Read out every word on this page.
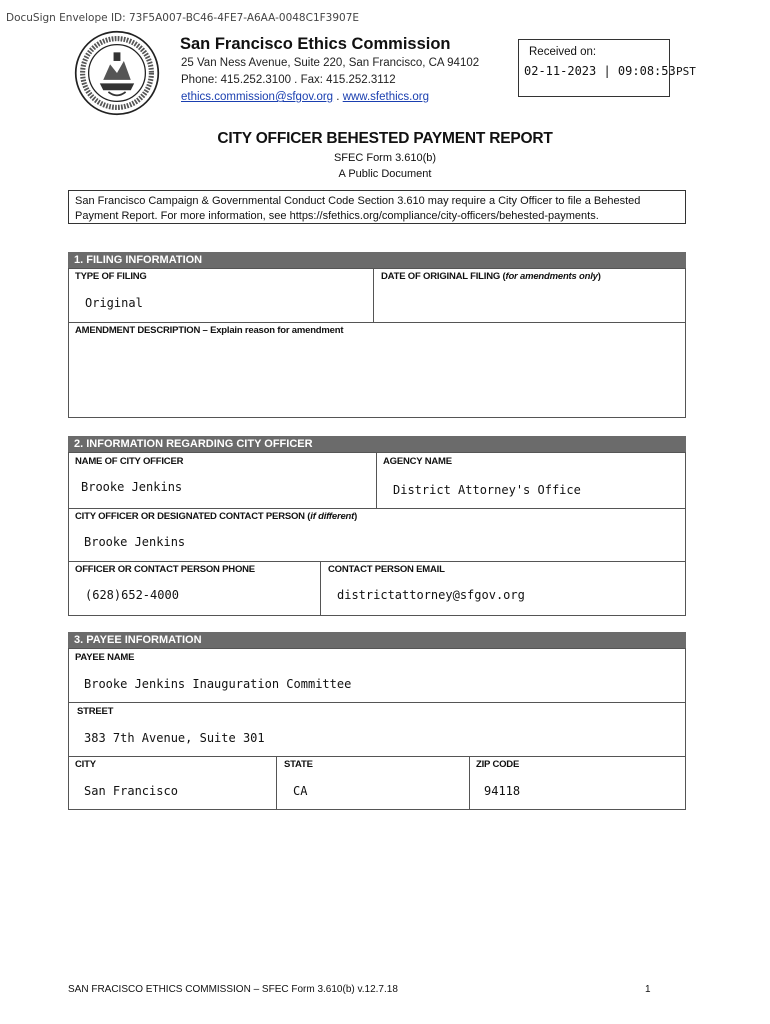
DocuSign Envelope ID: 73F5A007-BC46-4FE7-A6AA-0048C1F3907E
San Francisco Ethics Commission
25 Van Ness Avenue, Suite 220, San Francisco, CA 94102
Phone: 415.252.3100 . Fax: 415.252.3112
ethics.commission@sfgov.org . www.sfethics.org
Received on:
02-11-2023 | 09:08:53 PST
CITY OFFICER BEHESTED PAYMENT REPORT
SFEC Form 3.610(b)
A Public Document
San Francisco Campaign & Governmental Conduct Code Section 3.610 may require a City Officer to file a Behested Payment Report. For more information, see https://sfethics.org/compliance/city-officers/behested-payments.
1. FILING INFORMATION
TYPE OF FILING
Original
DATE OF ORIGINAL FILING (for amendments only)
AMENDMENT DESCRIPTION – Explain reason for amendment
2. INFORMATION REGARDING CITY OFFICER
NAME OF CITY OFFICER
Brooke Jenkins
AGENCY NAME
District Attorney's Office
CITY OFFICER OR DESIGNATED CONTACT PERSON (if different)
Brooke Jenkins
OFFICER OR CONTACT PERSON PHONE
(628)652-4000
CONTACT PERSON EMAIL
districtattorney@sfgov.org
3. PAYEE INFORMATION
PAYEE NAME
Brooke Jenkins Inauguration Committee
STREET
383 7th Avenue, Suite 301
CITY
San Francisco
STATE
CA
ZIP CODE
94118
SAN FRACISCO ETHICS COMMISSION – SFEC Form 3.610(b) v.12.7.18	1
